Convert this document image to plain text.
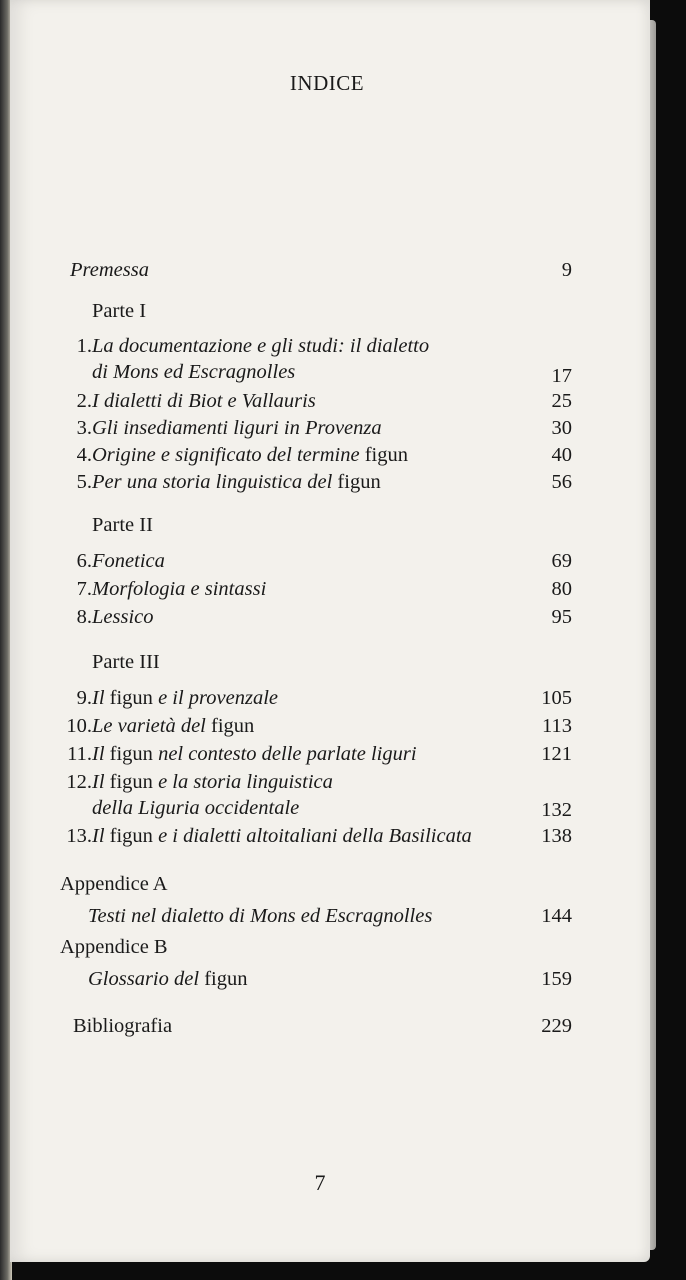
INDICE
Premessa	9
Parte I
1. La documentazione e gli studi: il dialetto
di Mons ed Escragnolles	17
2. I dialetti di Biot e Vallauris	25
3. Gli insediamenti liguri in Provenza	30
4. Origine e significato del termine figun	40
5. Per una storia linguistica del figun	56
Parte II
6. Fonetica	69
7. Morfologia e sintassi	80
8. Lessico	95
Parte III
9. Il figun e il provenzale	105
10. Le varietà del figun	113
11. Il figun nel contesto delle parlate liguri	121
12. Il figun e la storia linguistica
della Liguria occidentale	132
13. Il figun e i dialetti altoitaliani della Basilicata	138
Appendice A
Testi nel dialetto di Mons ed Escragnolles	144
Appendice B
Glossario del figun	159
Bibliografia	229
7
